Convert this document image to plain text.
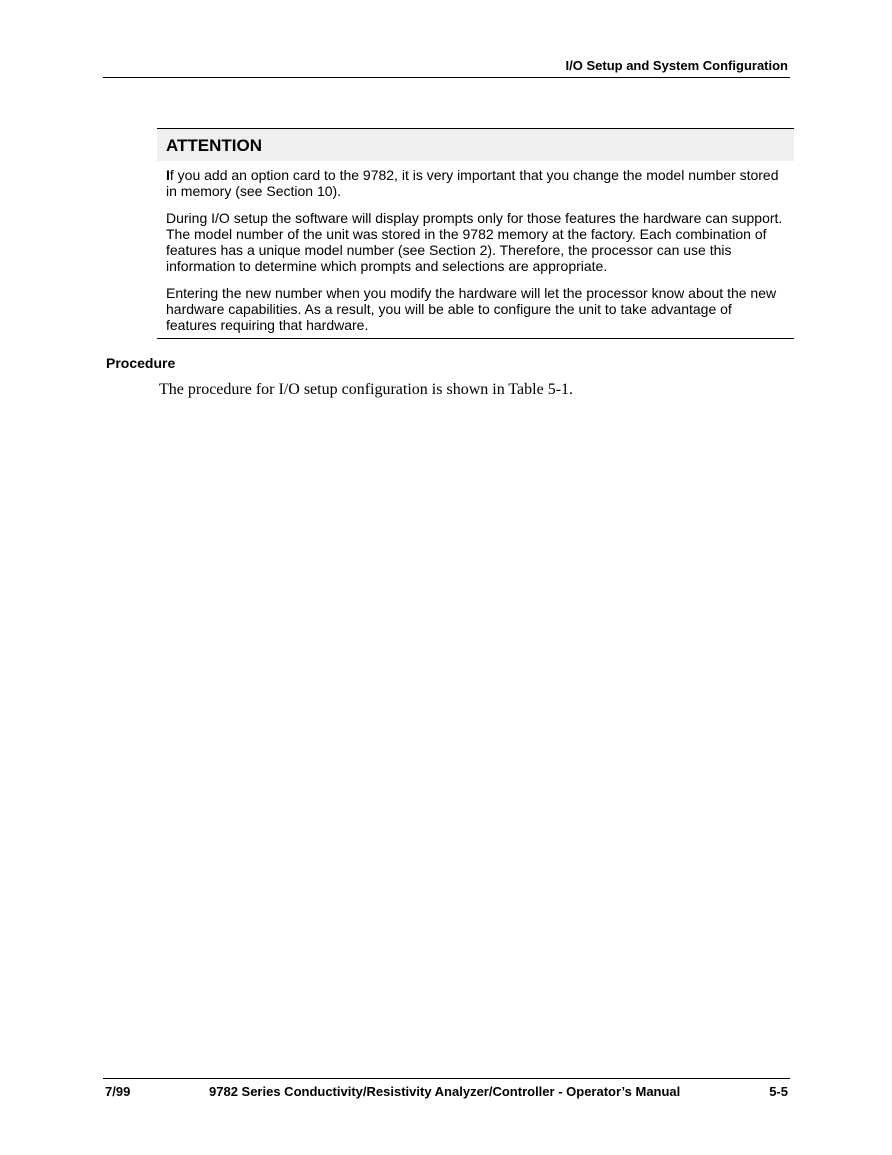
I/O Setup and System Configuration
ATTENTION

If you add an option card to the 9782, it is very important that you change the model number stored in memory (see Section 10).

During I/O setup the software will display prompts only for those features the hardware can support. The model number of the unit was stored in the 9782 memory at the factory. Each combination of features has a unique model number (see Section 2). Therefore, the processor can use this information to determine which prompts and selections are appropriate.

Entering the new number when you modify the hardware will let the processor know about the new hardware capabilities. As a result, you will be able to configure the unit to take advantage of features requiring that hardware.

Procedure
The procedure for I/O setup configuration is shown in Table 5-1.
7/99	9782 Series Conductivity/Resistivity Analyzer/Controller - Operator’s Manual	5-5
